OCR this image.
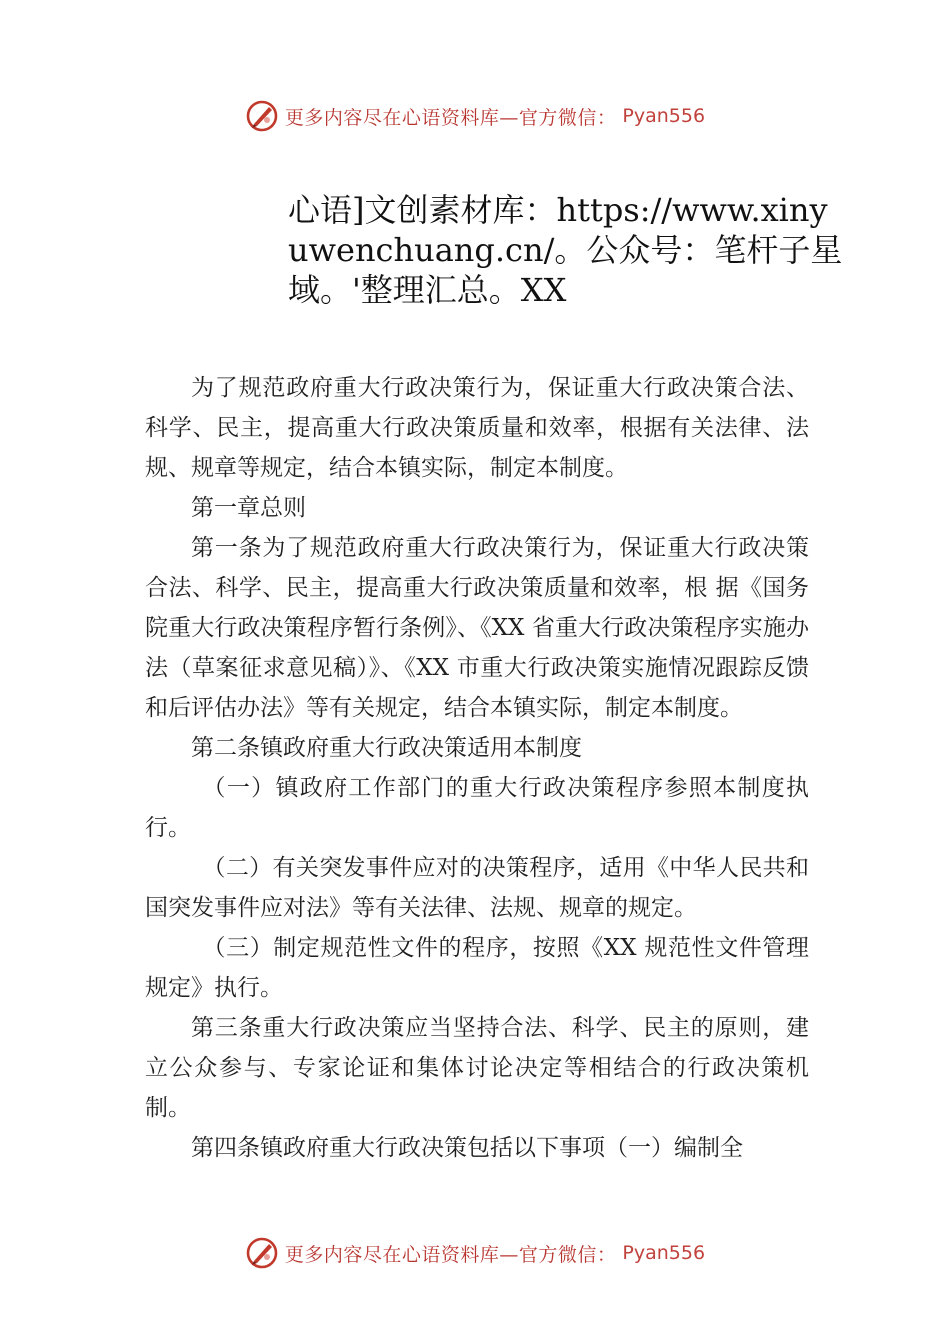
更多内容尽在心语资料库—官方微信： Pyan556
心语]文创素材库：https://www.xinyuwenchuang.cn/。公众号：笔杆子星域。'整理汇总。XX

为了规范政府重大行政决策行为，保证重大行政决策合法、科学、民主，提高重大行政决策质量和效率，根据有关法律、法规、规章等规定，结合本镇实际，制定本制度。

第一章总则

第一条为了规范政府重大行政决策行为，保证重大行政决策合法、科学、民主，提高重大行政决策质量和效率，根 据《国务院重大行政决策程序暂行条例》、《XX 省重大行政决策程序实施办法（草案征求意见稿）》、《XX 市重大行政决策实施情况跟踪反馈和后评估办法》等有关规定，结合本镇实际，制定本制度。

第二条镇政府重大行政决策适用本制度

（一）镇政府工作部门的重大行政决策程序参照本制度执行。

（二）有关突发事件应对的决策程序，适用《中华人民共和国突发事件应对法》等有关法律、法规、规章的规定。

（三）制定规范性文件的程序，按照《XX 规范性文件管理规定》执行。

第三条重大行政决策应当坚持合法、科学、民主的原则，建立公众参与、专家论证和集体讨论决定等相结合的行政决策机制。

第四条镇政府重大行政决策包括以下事项（一）编制全

更多内容尽在心语资料库—官方微信： Pyan556
